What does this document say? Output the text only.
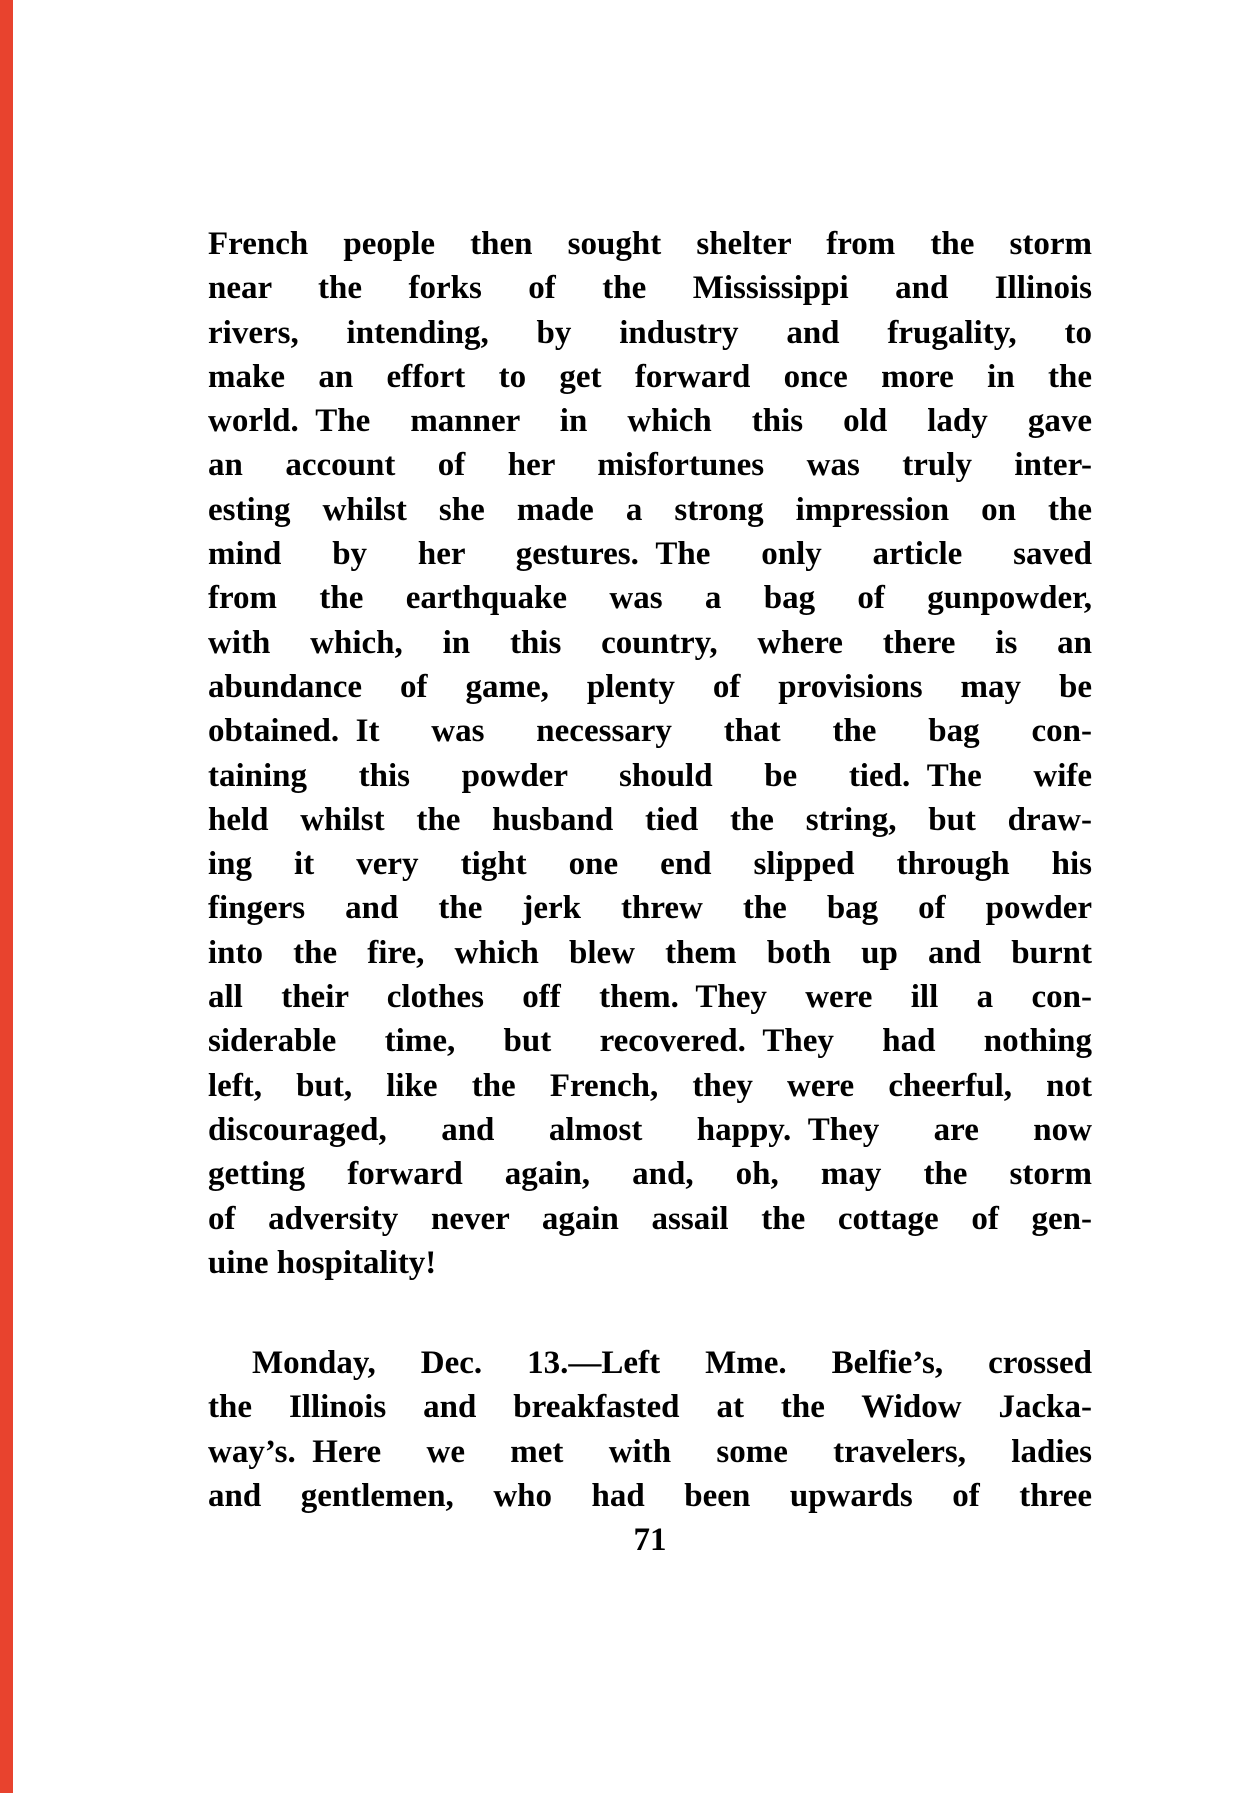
French people then sought shelter from the storm
near the forks of the Mississippi and Illinois
rivers, intending, by industry and frugality, to
make an effort to get forward once more in the
world. The manner in which this old lady gave
an account of her misfortunes was truly inter-
esting whilst she made a strong impression on the
mind by her gestures. The only article saved
from the earthquake was a bag of gunpowder,
with which, in this country, where there is an
abundance of game, plenty of provisions may be
obtained. It was necessary that the bag con-
taining this powder should be tied. The wife
held whilst the husband tied the string, but draw-
ing it very tight one end slipped through his
fingers and the jerk threw the bag of powder
into the fire, which blew them both up and burnt
all their clothes off them. They were ill a con-
siderable time, but recovered. They had nothing
left, but, like the French, they were cheerful, not
discouraged, and almost happy. They are now
getting forward again, and, oh, may the storm
of adversity never again assail the cottage of gen-
uine hospitality!
Monday, Dec. 13.—Left Mme. Belfie’s, crossed
the Illinois and breakfasted at the Widow Jacka-
way’s. Here we met with some travelers, ladies
and gentlemen, who had been upwards of three
71
